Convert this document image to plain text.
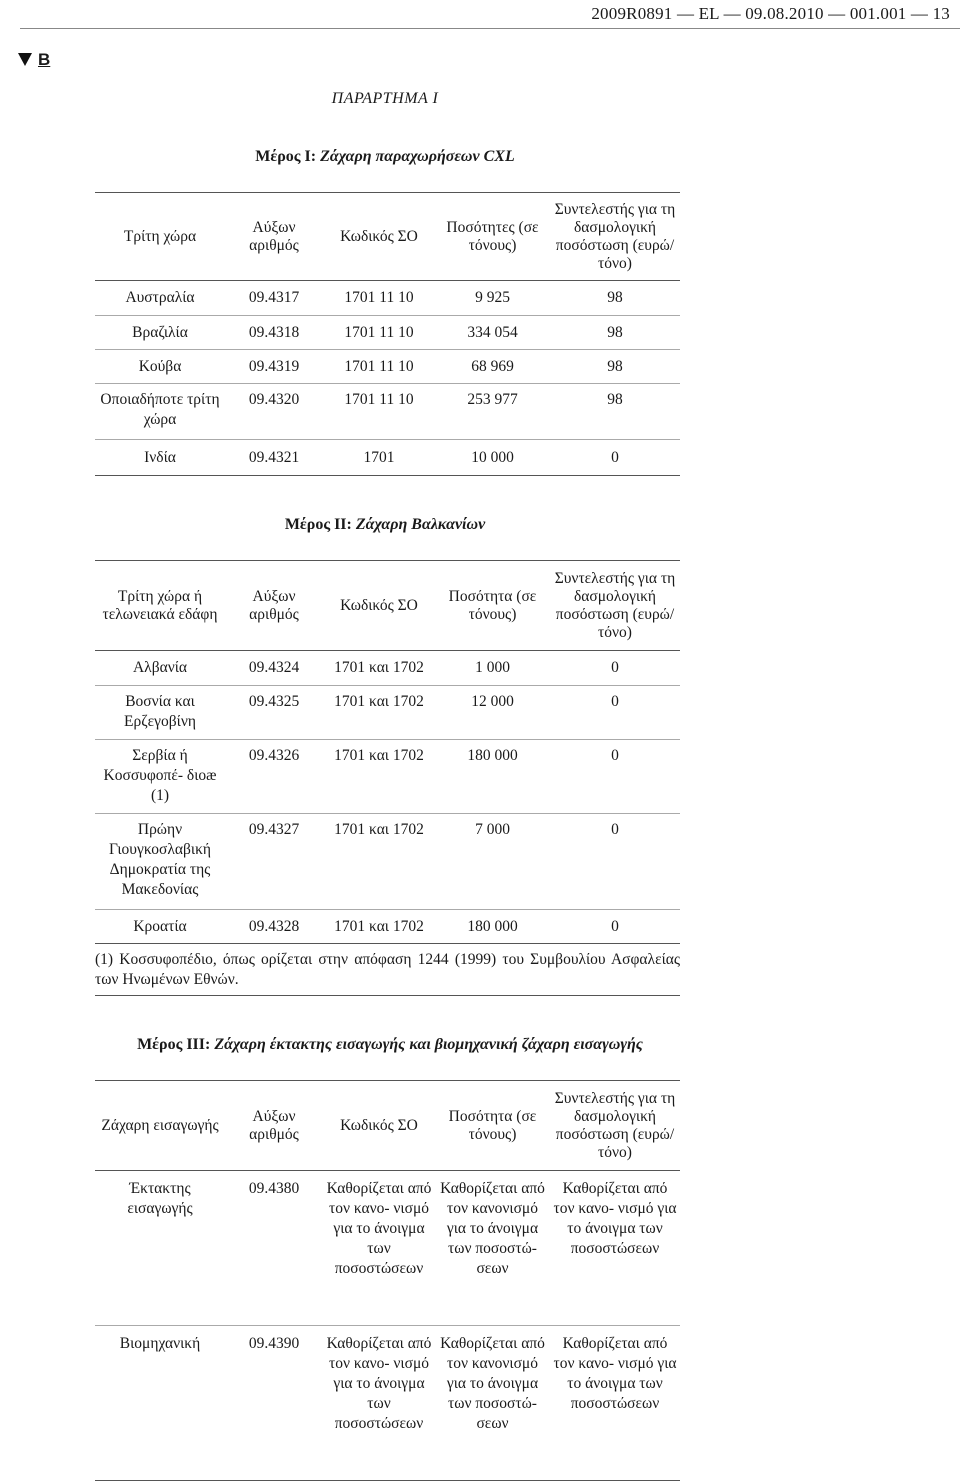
2009R0891 — EL — 09.08.2010 — 001.001 — 13
B
ΠΑΡΑΡΤΗΜΑ I
Μέρος I: Ζάχαρη παραχωρήσεων CXL
Τρίτη χώρα	Αύξων αριθμός	Κωδικός ΣΟ	Ποσότητες (σε τόνους)	Συντελεστής για τη δασμολογική ποσόστωση (ευρώ/τόνο)
Αυστραλία	09.4317	1701 11 10	9 925	98
Βραζιλία	09.4318	1701 11 10	334 054	98
Κούβα	09.4319	1701 11 10	68 969	98
Οποιαδήποτε τρίτη χώρα	09.4320	1701 11 10	253 977	98
Ινδία	09.4321	1701	10 000	0
Μέρος II: Ζάχαρη Βαλκανίων
Τρίτη χώρα ή τελωνειακά εδάφη	Αύξων αριθμός	Κωδικός ΣΟ	Ποσότητα (σε τόνους)	Συντελεστής για τη δασμολογική ποσόστωση (ευρώ/τόνο)
Αλβανία	09.4324	1701 και 1702	1 000	0
Βοσνία και Ερζεγοβίνη	09.4325	1701 και 1702	12 000	0
Σερβία ή Κοσσυφοπέ- διοæ (1)	09.4326	1701 και 1702	180 000	0
Πρώην Γιουγκοσλαβική Δημοκρατία της Μακεδονίας	09.4327	1701 και 1702	7 000	0
Κροατία	09.4328	1701 και 1702	180 000	0
(1) Κοσσυφοπέδιο, όπως ορίζεται στην απόφαση 1244 (1999) του Συμβουλίου Ασφαλείας των Ηνωμένων Εθνών.
Μέρος III: Ζάχαρη έκτακτης εισαγωγής και βιομηχανική ζάχαρη εισαγωγής
Ζάχαρη εισαγωγής	Αύξων αριθμός	Κωδικός ΣΟ	Ποσότητα (σε τόνους)	Συντελεστής για τη δασμολογική ποσόστωση (ευρώ/τόνο)
Έκτακτης εισαγωγής	09.4380	Καθορίζεται από τον κανο- νισμό για το άνοιγμα των ποσοστώσεων	Καθορίζεται από τον κανονισμό για το άνοιγμα των ποσοστώ- σεων	Καθορίζεται από τον κανο- νισμό για το άνοιγμα των ποσοστώσεων
Βιομηχανική	09.4390	Καθορίζεται από τον κανο- νισμό για το άνοιγμα των ποσοστώσεων	Καθορίζεται από τον κανονισμό για το άνοιγμα των ποσοστώ- σεων	Καθορίζεται από τον κανο- νισμό για το άνοιγμα των ποσοστώσεων
